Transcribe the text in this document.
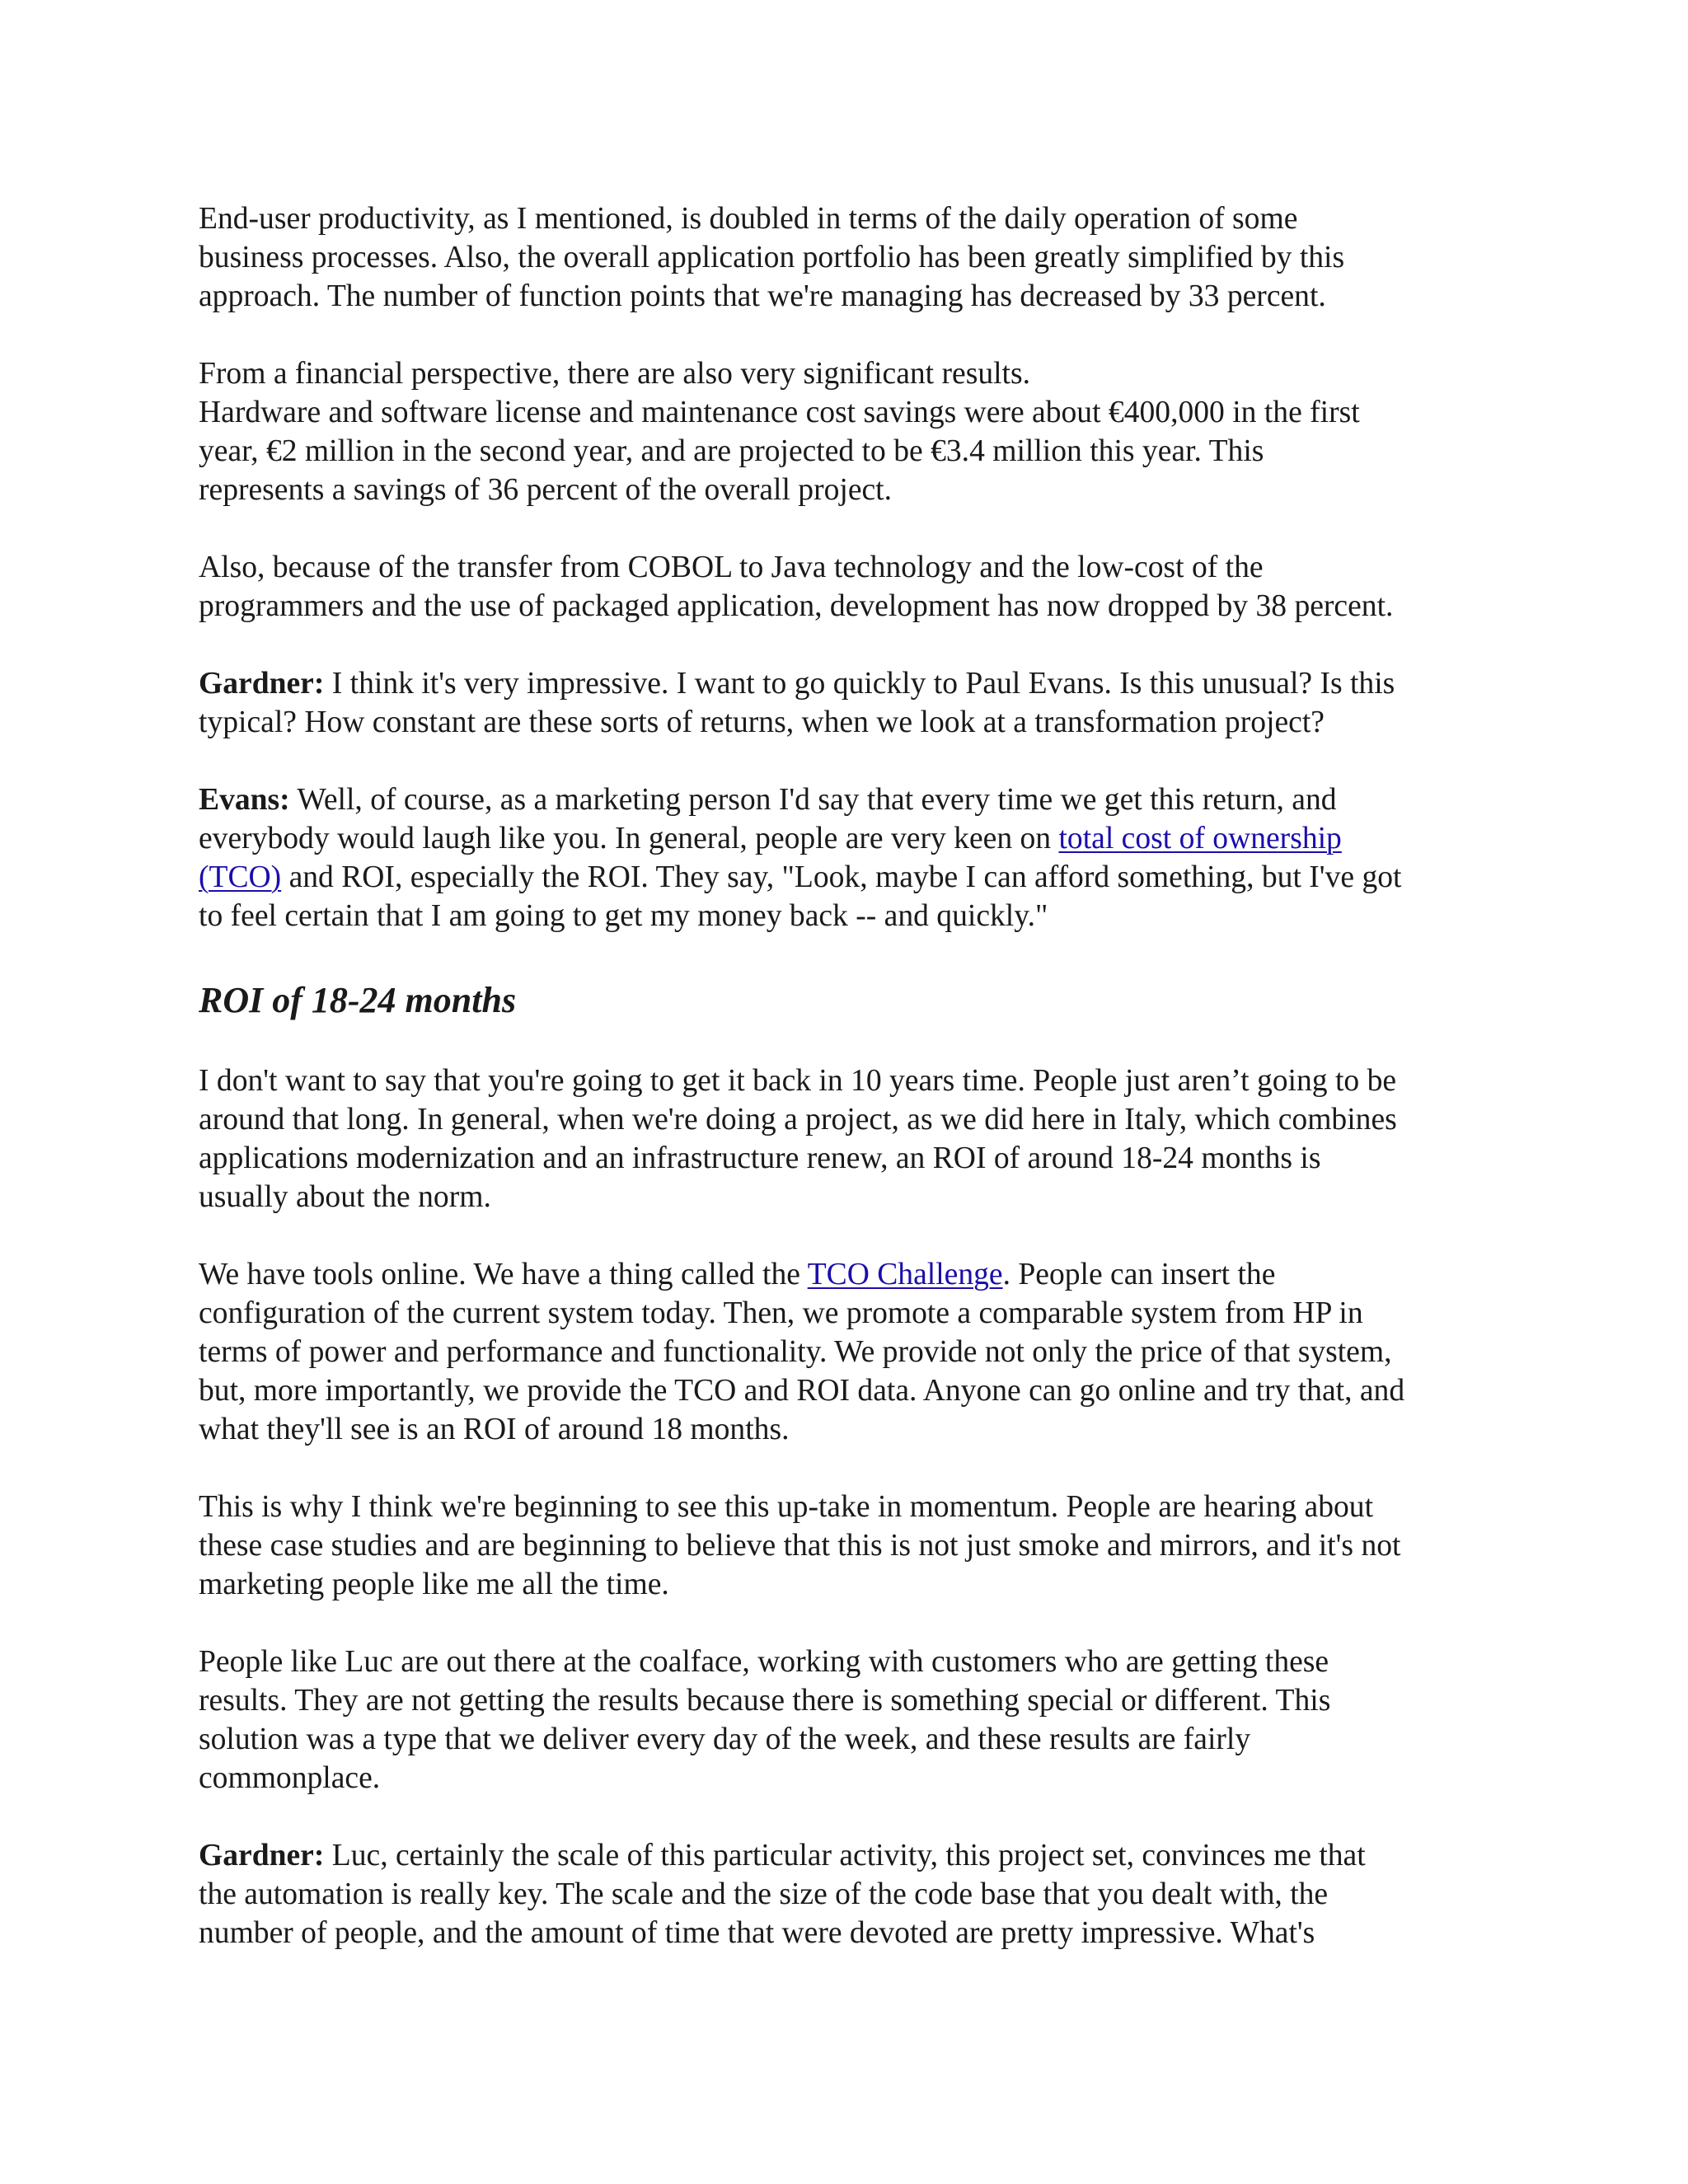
End-user productivity, as I mentioned, is doubled in terms of the daily operation of some
business processes. Also, the overall application portfolio has been greatly simplified by this
approach. The number of function points that we're managing has decreased by 33 percent.

From a financial perspective, there are also very significant results.

Hardware and software license and maintenance cost savings were about €400,000 in the first
year, €2 million in the second year, and are projected to be €3.4 million this year. This
represents a savings of 36 percent of the overall project.

Also, because of the transfer from COBOL to Java technology and the low-cost of the
programmers and the use of packaged application, development has now dropped by 38 percent.

Gardner: I think it's very impressive. I want to go quickly to Paul Evans. Is this unusual? Is this
typical? How constant are these sorts of returns, when we look at a transformation project?

Evans: Well, of course, as a marketing person I'd say that every time we get this return, and
everybody would laugh like you. In general, people are very keen on total cost of ownership
(TCO) and ROI, especially the ROI. They say, "Look, maybe I can afford something, but I've got
to feel certain that I am going to get my money back -- and quickly."

ROI of 18-24 months

I don't want to say that you're going to get it back in 10 years time. People just aren’t going to be
around that long. In general, when we're doing a project, as we did here in Italy, which combines
applications modernization and an infrastructure renew, an ROI of around 18-24 months is
usually about the norm.

We have tools online. We have a thing called the TCO Challenge. People can insert the
configuration of the current system today. Then, we promote a comparable system from HP in
terms of power and performance and functionality. We provide not only the price of that system,
but, more importantly, we provide the TCO and ROI data. Anyone can go online and try that, and
what they'll see is an ROI of around 18 months.

This is why I think we're beginning to see this up-take in momentum. People are hearing about
these case studies and are beginning to believe that this is not just smoke and mirrors, and it's not
marketing people like me all the time.

People like Luc are out there at the coalface, working with customers who are getting these
results. They are not getting the results because there is something special or different. This
solution was a type that we deliver every day of the week, and these results are fairly
commonplace.

Gardner: Luc, certainly the scale of this particular activity, this project set, convinces me that
the automation is really key. The scale and the size of the code base that you dealt with, the
number of people, and the amount of time that were devoted are pretty impressive. What's
